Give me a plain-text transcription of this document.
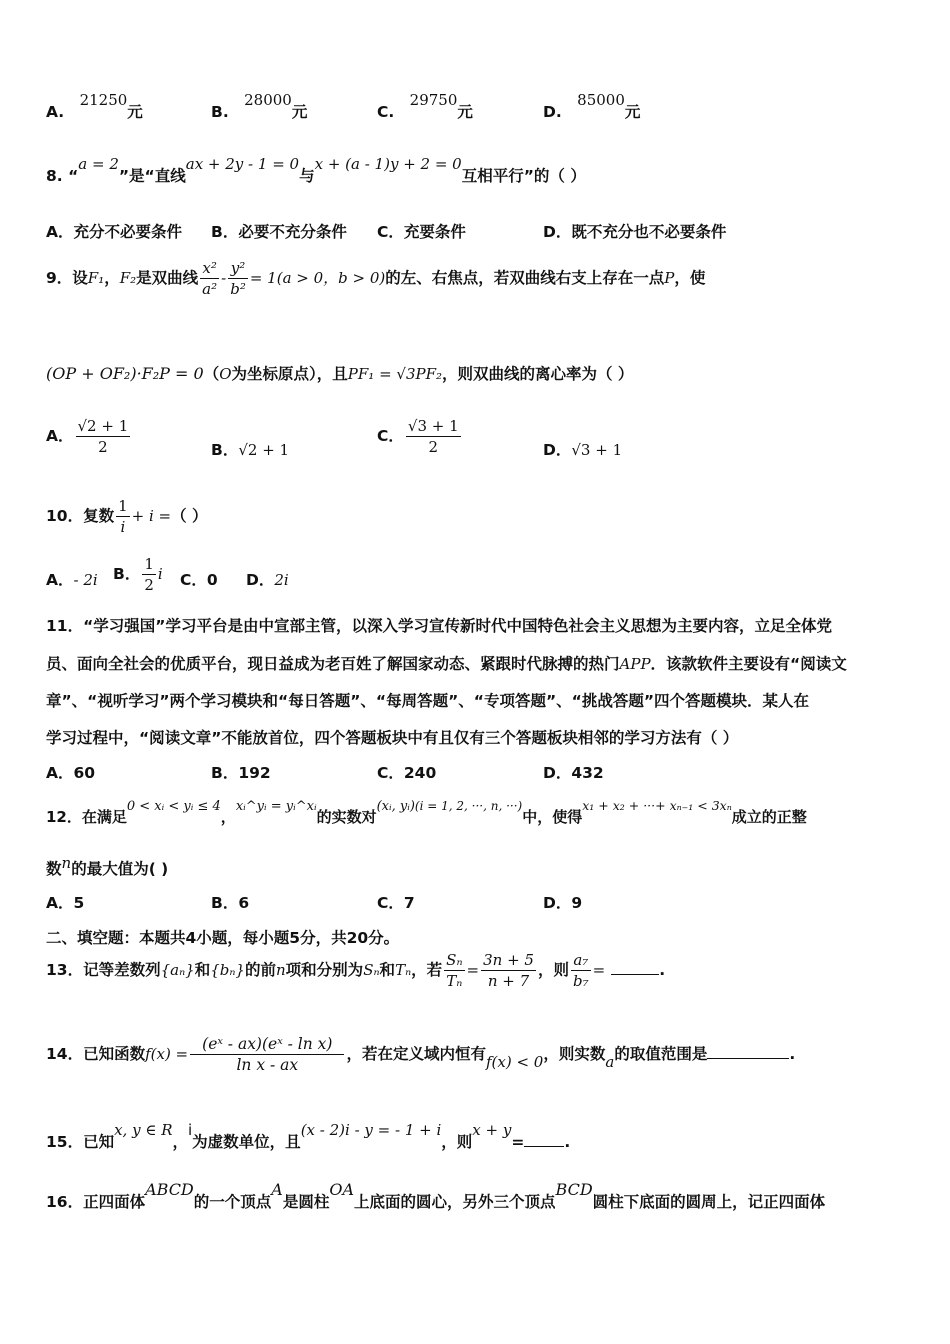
A. 21250元	B. 28000元	C. 29750元	D. 85000元
8. “a = 2”是“直线ax + 2y - 1 = 0与x + (a - 1)y + 2 = 0互相平行”的（ ）
A．充分不必要条件 B．必要不充分条件 C．充要条件	D．既不充分也不必要条件
9．设F₁，F₂是双曲线 $\frac{\text{x²}}{\text{a²}} - \frac{\text{y²}}{\text{b²}} = 1(a > 0$，b > 0)的左、右焦点，若双曲线右支上存在一点P，使
(OP + OF₂)·F₂P = 0（O为坐标原点），且PF₁ = √3PF₂，则双曲线的离心率为（ ）
A． $\frac{√2 + 1}{2}$	B．√2 + 1
C． $\frac{√3 + 1}{2}$	D．√3 + 1
10．复数 $\frac{1}{i} + i$ =（ ）
A．- 2i B． $\frac{1}{2}$ i C．0 D．2i
11．“学习强国”学习平台是由中宣部主管，以深入学习宣传新时代中国特色社会主义思想为主要内容，立足全体党
员、面向全社会的优质平台，现日益成为老百姓了解国家动态、紧跟时代脉搏的热门APP．该款软件主要设有“阅读文
章”、“视听学习”两个学习模块和“每日答题”、“每周答题”、“专项答题”、“挑战答题”四个答题模块．某人在
学习过程中，“阅读文章”不能放首位，四个答题板块中有且仅有三个答题板块相邻的学习方法有（ ）
A．60	B．192	C．240	D．432
12．在满足0 < xᵢ < yᵢ ≤ 4，xᵢ^yᵢ = yᵢ^xᵢ的实数对(xᵢ, yᵢ)$^{(i = 1, 2, \cdot\cdot\cdot, n, \cdot\cdot\cdot)}$中，使得$^{x_1 + x_2 + \cdot\cdot\cdot+ x_{n-1} < 3x_n}$成立的正整
数n的最大值为( )
A．5	B．6	C．7	D．9
二、填空题：本题共4小题，每小题5分，共20分。
13．记等差数列{aₙ}和{bₙ}的前n项和分别为Sₙ和Tₙ，若 $\frac{\text{Sₙ}}{\text{Tₙ}} = \frac{3n + 5}{n + 7}$ ，则 $\frac{\text{a₇}}{\text{b₇}}$ =	.
14．已知函数$f(x) = \frac{\text{(eˣ - ax)(eˣ - ln x)}}{\text{ln x - ax}}$ ，若在定义域内恒有f(x) < 0，则实数a的取值范围是	.
15．已知x, y ∈ R，i为虚数单位，且(x - 2)i - y = - 1 + i，则x + y=	.
16．正四面体ABCD的一个顶点A是圆柱OA上底面的圆心，另外三个顶点BCD圆柱下底面的圆周上，记正四面体
